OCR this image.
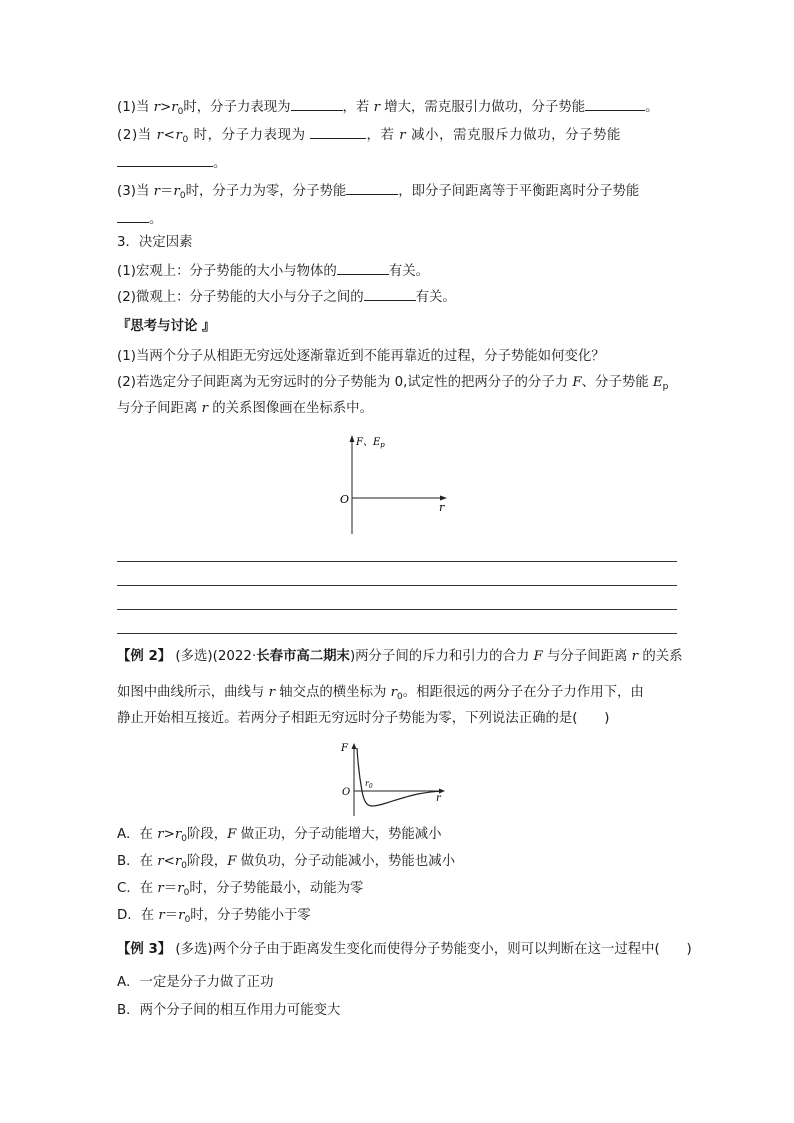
(1)当 $r>r_0$时，分子力表现为	，若 r 增大，需克服引力做功，分子势能	。
(2)当 $r<r_0$ 时，分子力表现为	，若 r 减小，需克服斥力做功，分子势能
。
(3)当 $r=r_0$时，分子力为零，分子势能	，即分子间距离等于平衡距离时分子势能
。
3．决定因素
(1)宏观上：分子势能的大小与物体的	有关。
(2)微观上：分子势能的大小与分子之间的	有关。
『思考与讨论 』
(1)当两个分子从相距无穷远处逐渐靠近到不能再靠近的过程，分子势能如何变化？
(2)若选定分子间距离为无穷远时的分子势能为 0,试定性的把两分子的分子力 F、分子势能 $E_p$
与分子间距离 r 的关系图像画在坐标系中。
F、$E_p$
O
r
【例 2】 (多选)(2022·长春市高二期末)两分子间的斥力和引力的合力 F 与分子间距离 r 的关系
如图中曲线所示，曲线与 r 轴交点的横坐标为 $r_0$。相距很远的两分子在分子力作用下，由
静止开始相互接近。若两分子相距无穷远时分子势能为零，下列说法正确的是(　　)
F
O
$r_0$
r
A．在 $r>r_0$阶段，F 做正功，分子动能增大，势能减小
B．在 $r<r_0$阶段，F 做负功，分子动能减小，势能也减小
C．在 $r=r_0$时，分子势能最小，动能为零
D．在 $r=r_0$时，分子势能小于零
【例 3】 (多选)两个分子由于距离发生变化而使得分子势能变小，则可以判断在这一过程中(　　)
A．一定是分子力做了正功
B．两个分子间的相互作用力可能变大
